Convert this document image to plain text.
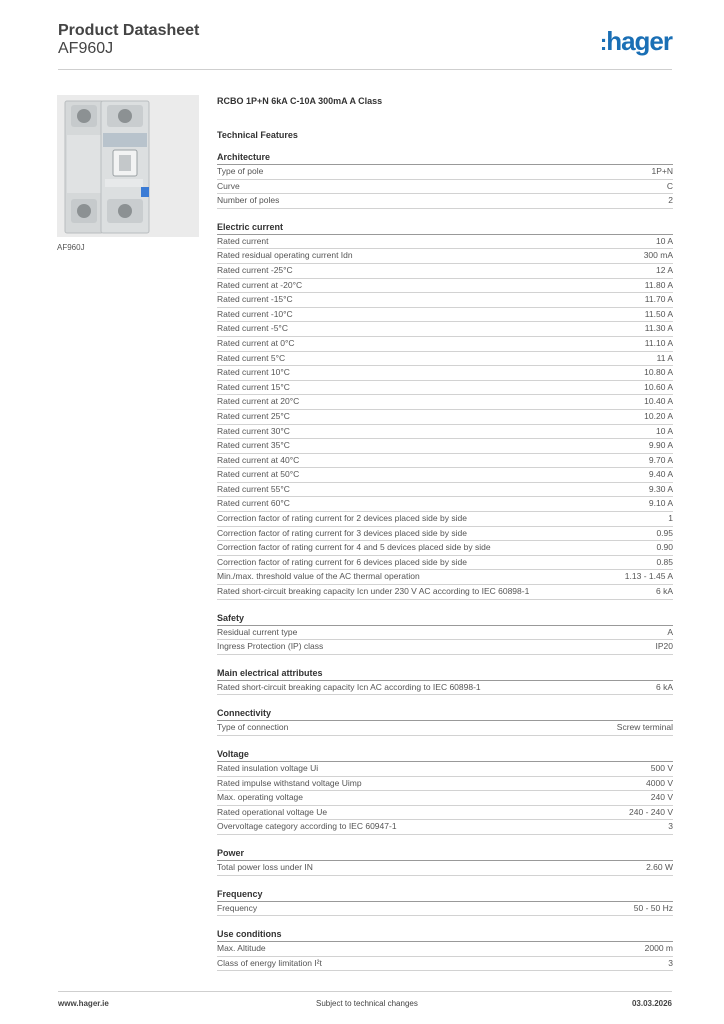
Product Datasheet
AF960J	:hager
AF960J
RCBO 1P+N 6kA C-10A 300mA A Class
Technical Features
Architecture
Type of pole	1P+N
Curve	C
Number of poles	2
Electric current
Rated current	10 A
Rated residual operating current Idn	300 mA
Rated current -25°C	12 A
Rated current at -20°C	11.80 A
Rated current -15°C	11.70 A
Rated current -10°C	11.50 A
Rated current -5°C	11.30 A
Rated current at 0°C	11.10 A
Rated current 5°C	11 A
Rated current 10°C	10.80 A
Rated current 15°C	10.60 A
Rated current at 20°C	10.40 A
Rated current 25°C	10.20 A
Rated current 30°C	10 A
Rated current 35°C	9.90 A
Rated current at 40°C	9.70 A
Rated current at 50°C	9.40 A
Rated current 55°C	9.30 A
Rated current 60°C	9.10 A
Correction factor of rating current for 2 devices placed side by side	1
Correction factor of rating current for 3 devices placed side by side	0.95
Correction factor of rating current for 4 and 5 devices placed side by side	0.90
Correction factor of rating current for 6 devices placed side by side	0.85
Min./max. threshold value of the AC thermal operation	1.13 - 1.45 A
Rated short-circuit breaking capacity Icn under 230 V AC according to IEC 60898-1	6 kA
Safety
Residual current type	A
Ingress Protection (IP) class	IP20
Main electrical attributes
Rated short-circuit breaking capacity Icn AC according to IEC 60898-1	6 kA
Connectivity
Type of connection	Screw terminal
Voltage
Rated insulation voltage Ui	500 V
Rated impulse withstand voltage Uimp	4000 V
Max. operating voltage	240 V
Rated operational voltage Ue	240 - 240 V
Overvoltage category according to IEC 60947-1	3
Power
Total power loss under IN	2.60 W
Frequency
Frequency	50 - 50 Hz
Use conditions
Max. Altitude	2000 m
Class of energy limitation I²t	3
www.hager.ie	Subject to technical changes	03.03.2026
